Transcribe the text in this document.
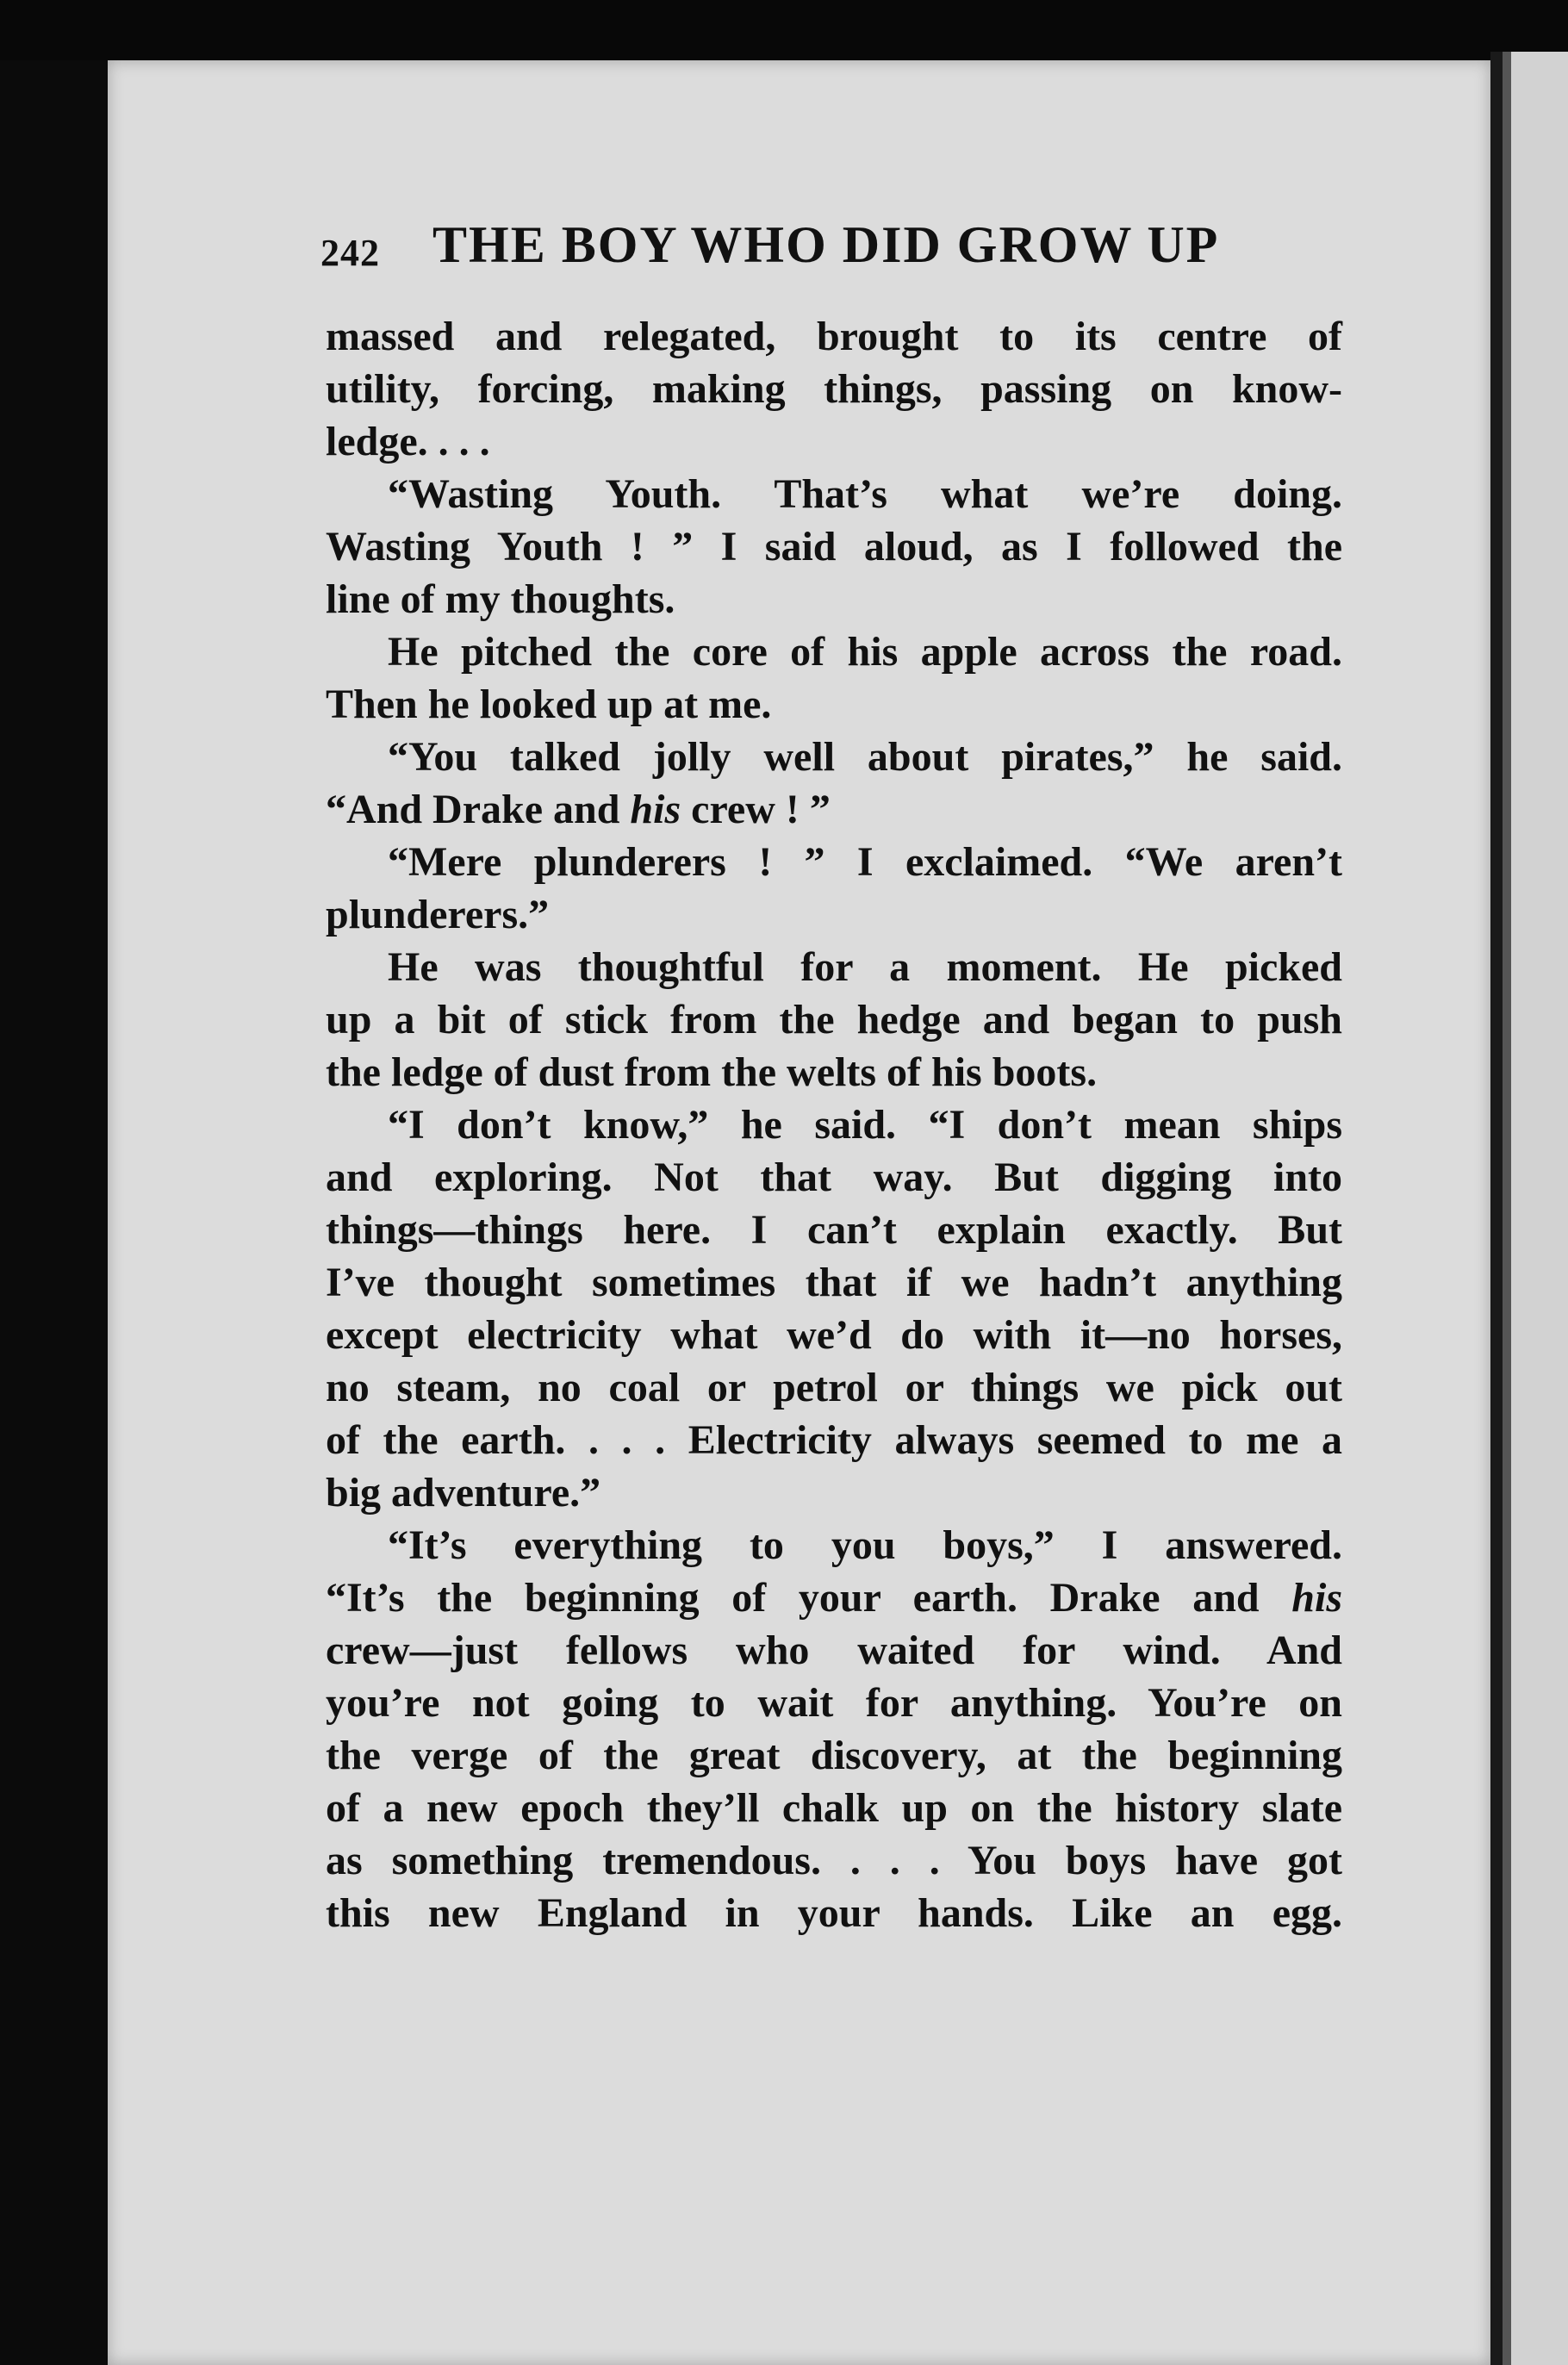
242 THE BOY WHO DID GROW UP
massed and relegated, brought to its centre of
utility, forcing, making things, passing on know-
ledge. . . .
“Wasting Youth. That’s what we’re doing.
Wasting Youth ! ” I said aloud, as I followed the
line of my thoughts.
He pitched the core of his apple across the road.
Then he looked up at me.
“You talked jolly well about pirates,” he said.
“And Drake and his crew ! ”
“Mere plunderers ! ” I exclaimed. “We aren’t
plunderers.”
He was thoughtful for a moment. He picked
up a bit of stick from the hedge and began to push
the ledge of dust from the welts of his boots.
“I don’t know,” he said. “I don’t mean ships
and exploring. Not that way. But digging into
things—things here. I can’t explain exactly. But
I’ve thought sometimes that if we hadn’t anything
except electricity what we’d do with it—no horses,
no steam, no coal or petrol or things we pick out
of the earth. . . . Electricity always seemed to me a
big adventure.”
“It’s everything to you boys,” I answered.
“It’s the beginning of your earth. Drake and his
crew—just fellows who waited for wind. And
you’re not going to wait for anything. You’re on
the verge of the great discovery, at the beginning
of a new epoch they’ll chalk up on the history slate
as something tremendous. . . . You boys have got
this new England in your hands. Like an egg.
